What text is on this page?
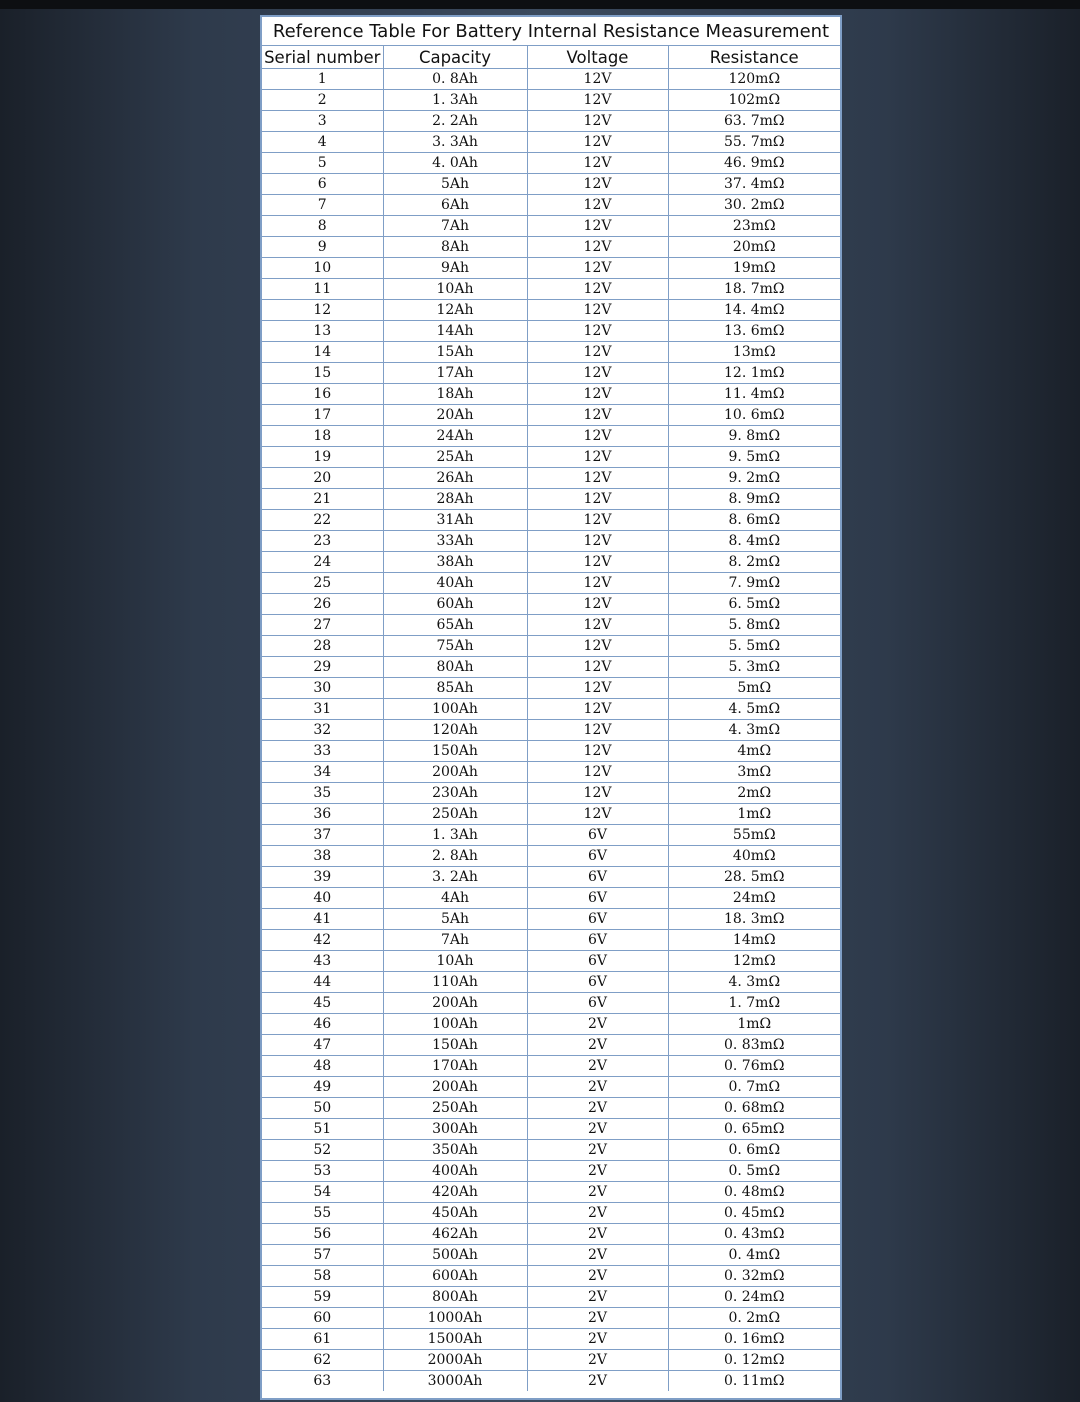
Reference Table For Battery Internal Resistance Measurement			
Serial number	Capacity	Voltage	Resistance
1	0. 8Ah	12V	120mΩ
2	1. 3Ah	12V	102mΩ
3	2. 2Ah	12V	63. 7mΩ
4	3. 3Ah	12V	55. 7mΩ
5	4. 0Ah	12V	46. 9mΩ
6	5Ah	12V	37. 4mΩ
7	6Ah	12V	30. 2mΩ
8	7Ah	12V	23mΩ
9	8Ah	12V	20mΩ
10	9Ah	12V	19mΩ
11	10Ah	12V	18. 7mΩ
12	12Ah	12V	14. 4mΩ
13	14Ah	12V	13. 6mΩ
14	15Ah	12V	13mΩ
15	17Ah	12V	12. 1mΩ
16	18Ah	12V	11. 4mΩ
17	20Ah	12V	10. 6mΩ
18	24Ah	12V	9. 8mΩ
19	25Ah	12V	9. 5mΩ
20	26Ah	12V	9. 2mΩ
21	28Ah	12V	8. 9mΩ
22	31Ah	12V	8. 6mΩ
23	33Ah	12V	8. 4mΩ
24	38Ah	12V	8. 2mΩ
25	40Ah	12V	7. 9mΩ
26	60Ah	12V	6. 5mΩ
27	65Ah	12V	5. 8mΩ
28	75Ah	12V	5. 5mΩ
29	80Ah	12V	5. 3mΩ
30	85Ah	12V	5mΩ
31	100Ah	12V	4. 5mΩ
32	120Ah	12V	4. 3mΩ
33	150Ah	12V	4mΩ
34	200Ah	12V	3mΩ
35	230Ah	12V	2mΩ
36	250Ah	12V	1mΩ
37	1. 3Ah	6V	55mΩ
38	2. 8Ah	6V	40mΩ
39	3. 2Ah	6V	28. 5mΩ
40	4Ah	6V	24mΩ
41	5Ah	6V	18. 3mΩ
42	7Ah	6V	14mΩ
43	10Ah	6V	12mΩ
44	110Ah	6V	4. 3mΩ
45	200Ah	6V	1. 7mΩ
46	100Ah	2V	1mΩ
47	150Ah	2V	0. 83mΩ
48	170Ah	2V	0. 76mΩ
49	200Ah	2V	0. 7mΩ
50	250Ah	2V	0. 68mΩ
51	300Ah	2V	0. 65mΩ
52	350Ah	2V	0. 6mΩ
53	400Ah	2V	0. 5mΩ
54	420Ah	2V	0. 48mΩ
55	450Ah	2V	0. 45mΩ
56	462Ah	2V	0. 43mΩ
57	500Ah	2V	0. 4mΩ
58	600Ah	2V	0. 32mΩ
59	800Ah	2V	0. 24mΩ
60	1000Ah	2V	0. 2mΩ
61	1500Ah	2V	0. 16mΩ
62	2000Ah	2V	0. 12mΩ
63	3000Ah	2V	0. 11mΩ
